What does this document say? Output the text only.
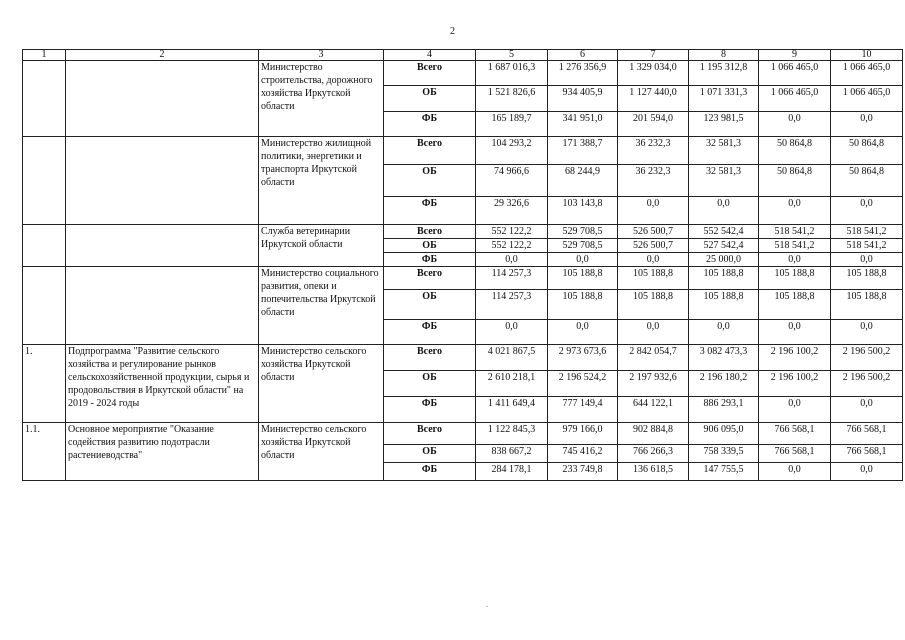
2
1	2	3	4	5	6	7	8	9	10
		Министерство строительства, дорожного хозяйства Иркутской области	Всего	1 687 016,3	1 276 356,9	1 329 034,0	1 195 312,8	1 066 465,0	1 066 465,0
			ОБ	1 521 826,6	934 405,9	1 127 440,0	1 071 331,3	1 066 465,0	1 066 465,0
			ФБ	165 189,7	341 951,0	201 594,0	123 981,5	0,0	0,0
		Министерство жилищной политики, энергетики и транспорта Иркутской области	Всего	104 293,2	171 388,7	36 232,3	32 581,3	50 864,8	50 864,8
			ОБ	74 966,6	68 244,9	36 232,3	32 581,3	50 864,8	50 864,8
			ФБ	29 326,6	103 143,8	0,0	0,0	0,0	0,0
		Служба ветеринарии Иркутской области	Всего	552 122,2	529 708,5	526 500,7	552 542,4	518 541,2	518 541,2
			ОБ	552 122,2	529 708,5	526 500,7	527 542,4	518 541,2	518 541,2
			ФБ	0,0	0,0	0,0	25 000,0	0,0	0,0
		Министерство социального развития, опеки и попечительства Иркутской области	Всего	114 257,3	105 188,8	105 188,8	105 188,8	105 188,8	105 188,8
			ОБ	114 257,3	105 188,8	105 188,8	105 188,8	105 188,8	105 188,8
			ФБ	0,0	0,0	0,0	0,0	0,0	0,0
1.	Подпрограмма "Развитие сельского хозяйства и регулирование рынков сельскохозяйственной продукции, сырья и продовольствия в Иркутской области" на 2019 - 2024 годы	Министерство сельского хозяйства Иркутской области	Всего	4 021 867,5	2 973 673,6	2 842 054,7	3 082 473,3	2 196 100,2	2 196 500,2
			ОБ	2 610 218,1	2 196 524,2	2 197 932,6	2 196 180,2	2 196 100,2	2 196 500,2
			ФБ	1 411 649,4	777 149,4	644 122,1	886 293,1	0,0	0,0
1.1.	Основное мероприятие "Оказание содействия развитию подотрасли растениеводства"	Министерство сельского хозяйства Иркутской области	Всего	1 122 845,3	979 166,0	902 884,8	906 095,0	766 568,1	766 568,1
			ОБ	838 667,2	745 416,2	766 266,3	758 339,5	766 568,1	766 568,1
			ФБ	284 178,1	233 749,8	136 618,5	147 755,5	0,0	0,0
.
